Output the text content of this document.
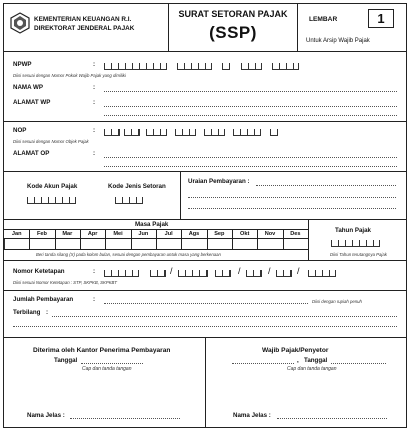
KEMENTERIAN KEUANGAN R.I.
DIREKTORAT JENDERAL PAJAK
SURAT SETORAN PAJAK
(SSP)
LEMBAR	1
Untuk Arsip Wajib Pajak
NPWP	:
Diisi sesuai dengan Nomor Pokok Wajib Pajak yang dimiliki
NAMA WP	:
ALAMAT WP	:
NOP	:
Diisi sesuai dengan Nomor Objek Pajak
ALAMAT OP	:
Kode Akun Pajak	Kode Jenis Setoran
Uraian Pembayaran :
Masa Pajak
Jan	Feb	Mar	Apr	Mei	Jun	Jul	Ags	Sep	Okt	Nov	Des
Beri tanda silang (X) pada kolom bulan, sesuai dengan pembayaran untuk masa yang berkenaan
Tahun Pajak
Diisi Tahun terutangnya Pajak
Nomor Ketetapan	:	/	/	/	/
Diisi sesuai Nomor Ketetapan : STP, SKPKB, SKPKBT
Jumlah Pembayaran	:	Diisi dengan rupiah penuh
Terbilang :
Diterima oleh Kantor Penerima Pembayaran
Tanggal
Cap dan tanda tangan
Nama Jelas :
Wajib Pajak/Penyetor
, Tanggal
Cap dan tanda tangan
Nama Jelas :
